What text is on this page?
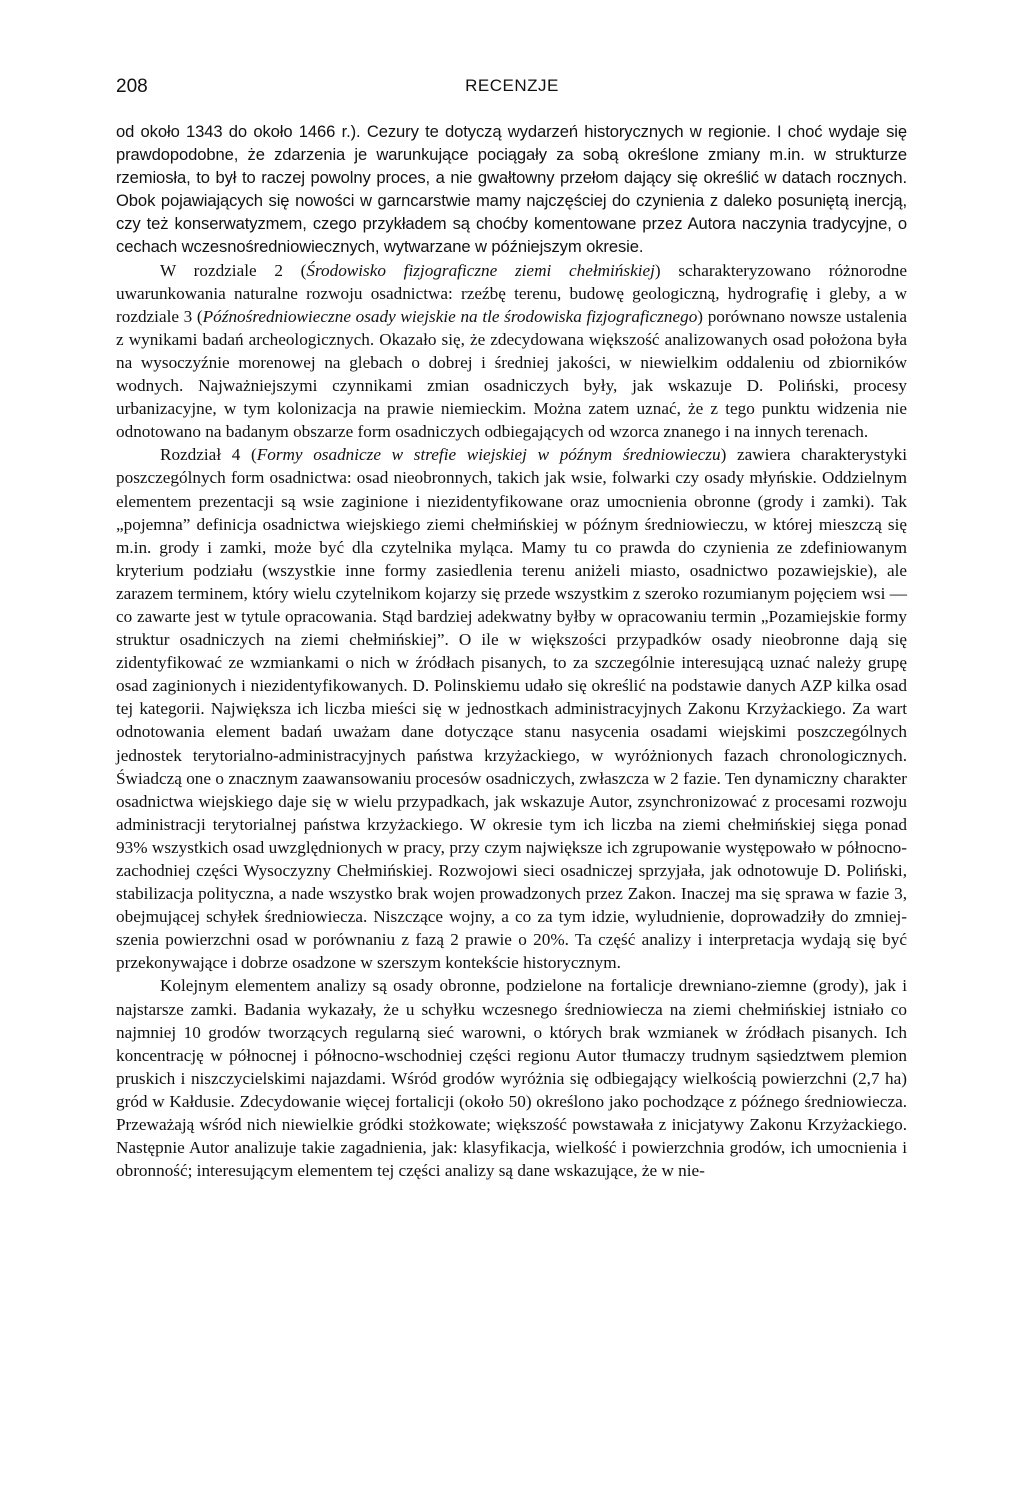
208	RECENZJE

od około 1343 do około 1466 r.). Cezury te dotyczą wydarzeń historycznych w regionie. I choć wydaje się prawdopodobne, że zdarzenia je warunkujące pociągały za sobą określone zmiany m.in. w strukturze rzemiosła, to był to raczej powolny proces, a nie gwałtowny przełom dający się określić w datach rocznych. Obok pojawiających się nowości w garncarstwie mamy najczęściej do czynienia z daleko posuniętą inercją, czy też konserwatyzmem, czego przykładem są choćby komentowane przez Autora naczynia tradycyjne, o cechach wczesnośredniowiecznych, wytwarzane w późniejszym okresie.

W rozdziale 2 (Środowisko fizjograficzne ziemi chełmińskiej) scharakteryzowano różnorodne uwarunkowania naturalne rozwoju osadnictwa: rzeźbę terenu, budowę geologiczną, hydrografię i gleby, a w rozdziale 3 (Późnośredniowieczne osady wiejskie na tle środowiska fizjograficznego) porównano nowsze ustalenia z wynikami badań archeologicznych. Okazało się, że zdecydowana większość analizowanych osad położona była na wysoczyźnie morenowej na glebach o dobrej i średniej jakości, w niewielkim oddaleniu od zbiorników wodnych. Najważniejszymi czynnikami zmian osadniczych były, jak wskazuje D. Poliński, procesy urbanizacyjne, w tym kolonizacja na prawie niemieckim. Można zatem uznać, że z tego punktu widzenia nie odnotowano na badanym obszarze form osadniczych odbiegających od wzorca znanego i na innych terenach.

Rozdział 4 (Formy osadnicze w strefie wiejskiej w późnym średniowieczu) zawiera charakterystyki poszczególnych form osadnictwa: osad nieobronnych, takich jak wsie, folwarki czy osady młyńskie. Oddzielnym elementem prezentacji są wsie zaginione i niezidentyfikowane oraz umocnienia obronne (grody i zamki). Tak „pojemna” definicja osadnictwa wiejskiego ziemi chełmińskiej w późnym średniowieczu, w której mieszczą się m.in. grody i zamki, może być dla czytelnika myląca. Mamy tu co prawda do czynienia ze zdefiniowanym kryterium podziału (wszystkie inne formy zasiedlenia terenu aniżeli miasto, osadnictwo pozawiejskie), ale zarazem terminem, który wielu czytelnikom kojarzy się przede wszystkim z szeroko rozumianym pojęciem wsi — co zawarte jest w tytule opracowania. Stąd bardziej adekwatny byłby w opracowaniu termin „Pozamiejskie formy struktur osadniczych na ziemi chełmińskiej”. O ile w większości przypadków osady nieobronne dają się zidentyfikować ze wzmiankami o nich w źródłach pisanych, to za szczególnie interesującą uznać należy grupę osad zaginionych i niezidentyfikowanych. D. Polinskiemu udało się określić na podstawie danych AZP kilka osad tej kategorii. Największa ich liczba mieści się w jednostkach administracyjnych Zakonu Krzyżackiego. Za wart odnotowania element badań uważam dane dotyczące stanu nasycenia osadami wiejskimi poszczególnych jednostek terytorialno-administracyjnych państwa krzyżackiego, w wyróżnionych fazach chronologicznych. Świadczą one o znacznym zaawansowaniu procesów osadniczych, zwłaszcza w 2 fazie. Ten dynamiczny charakter osadnictwa wiejskiego daje się w wielu przypadkach, jak wskazuje Autor, zsynchronizować z procesami rozwoju administracji terytorialnej państwa krzyżackiego. W okresie tym ich liczba na ziemi chełmińskiej sięga ponad 93% wszystkich osad uwzględnionych w pracy, przy czym największe ich zgrupowanie występowało w północno-zachodniej części Wysoczyzny Chełmińskiej. Rozwojowi sieci osadniczej sprzyjała, jak odnotowuje D. Poliński, stabilizacja polityczna, a nade wszystko brak wojen prowadzonych przez Zakon. Inaczej ma się sprawa w fazie 3, obejmującej schyłek średniowiecza. Niszczące wojny, a co za tym idzie, wyludnienie, doprowadziły do zmniejszenia powierzchni osad w porównaniu z fazą 2 prawie o 20%. Ta część analizy i interpretacja wydają się być przekonywające i dobrze osadzone w szerszym kontekście historycznym.

Kolejnym elementem analizy są osady obronne, podzielone na fortalicje drewniano-ziemne (grody), jak i najstarsze zamki. Badania wykazały, że u schyłku wczesnego średniowiecza na ziemi chełmińskiej istniało co najmniej 10 grodów tworzących regularną sieć warowni, o których brak wzmianek w źródłach pisanych. Ich koncentrację w północnej i północno-wschodniej części regionu Autor tłumaczy trudnym sąsiedztwem plemion pruskich i niszczycielskimi najazdami. Wśród grodów wyróżnia się odbiegający wielkością powierzchni (2,7 ha) gród w Kałdusie. Zdecydowanie więcej fortalicji (około 50) określono jako pochodzące z późnego średniowiecza. Przeważają wśród nich niewielkie gródki stożkowate; większość powstawała z inicjatywy Zakonu Krzyżackiego. Następnie Autor analizuje takie zagadnienia, jak: klasyfikacja, wielkość i powierzchnia grodów, ich umocnienia i obronność; interesującym elementem tej części analizy są dane wskazujące, że w nie-
